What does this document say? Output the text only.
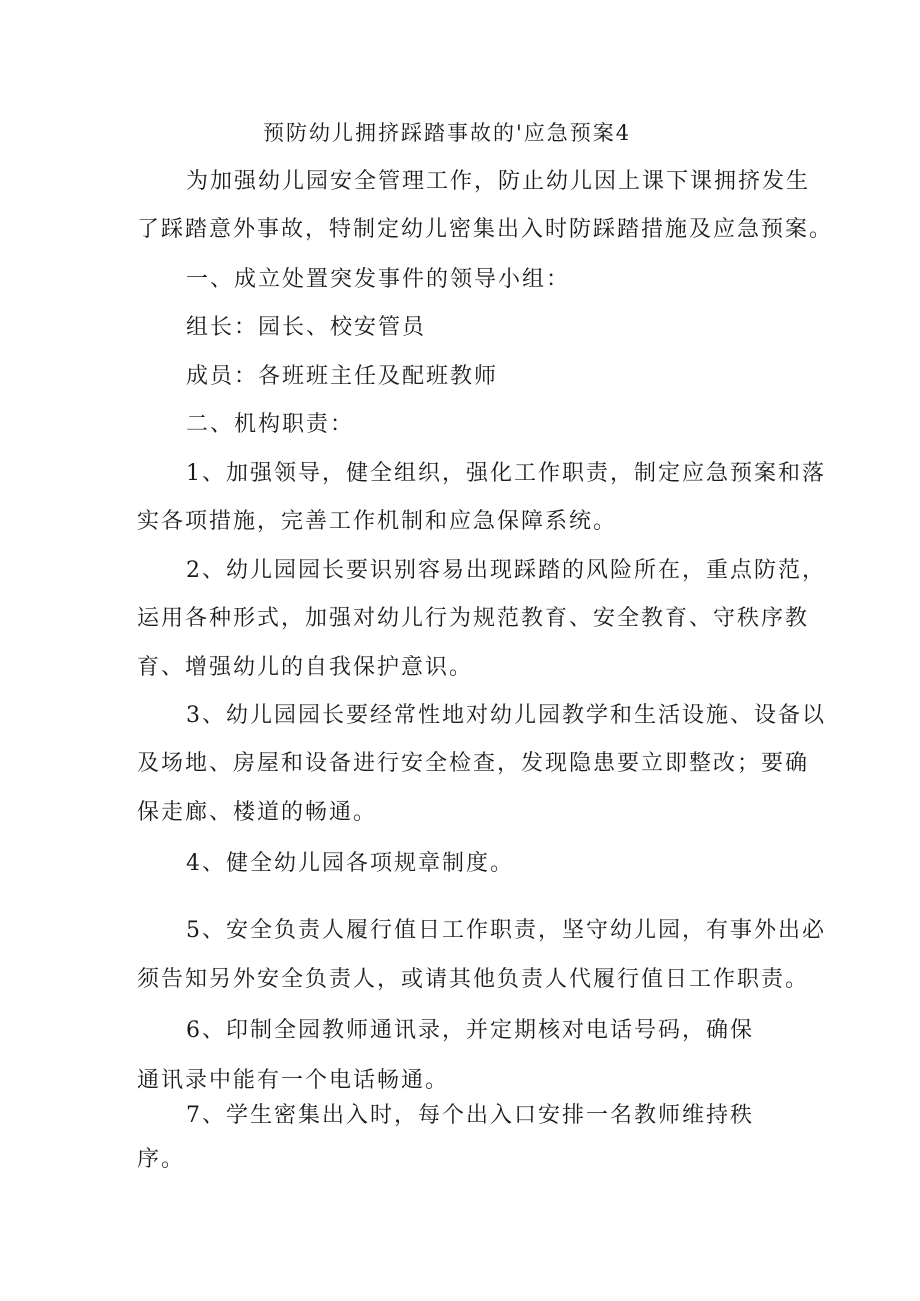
预防幼儿拥挤踩踏事故的'应急预案4
为加强幼儿园安全管理工作，防止幼儿因上课下课拥挤发生
了踩踏意外事故，特制定幼儿密集出入时防踩踏措施及应急预案。
一、成立处置突发事件的领导小组：
组长：园长、校安管员
成员：各班班主任及配班教师
二、机构职责：
1、加强领导，健全组织，强化工作职责，制定应急预案和落
实各项措施，完善工作机制和应急保障系统。
2、幼儿园园长要识别容易出现踩踏的风险所在，重点防范，
运用各种形式，加强对幼儿行为规范教育、安全教育、守秩序教
育、增强幼儿的自我保护意识。
3、幼儿园园长要经常性地对幼儿园教学和生活设施、设备以
及场地、房屋和设备进行安全检查，发现隐患要立即整改；要确
保走廊、楼道的畅通。
4、健全幼儿园各项规章制度。
5、安全负责人履行值日工作职责，坚守幼儿园，有事外出必
须告知另外安全负责人，或请其他负责人代履行值日工作职责。
6、印制全园教师通讯录，并定期核对电话号码，确保
通讯录中能有一个电话畅通。
7、学生密集出入时，每个出入口安排一名教师维持秩
序。
